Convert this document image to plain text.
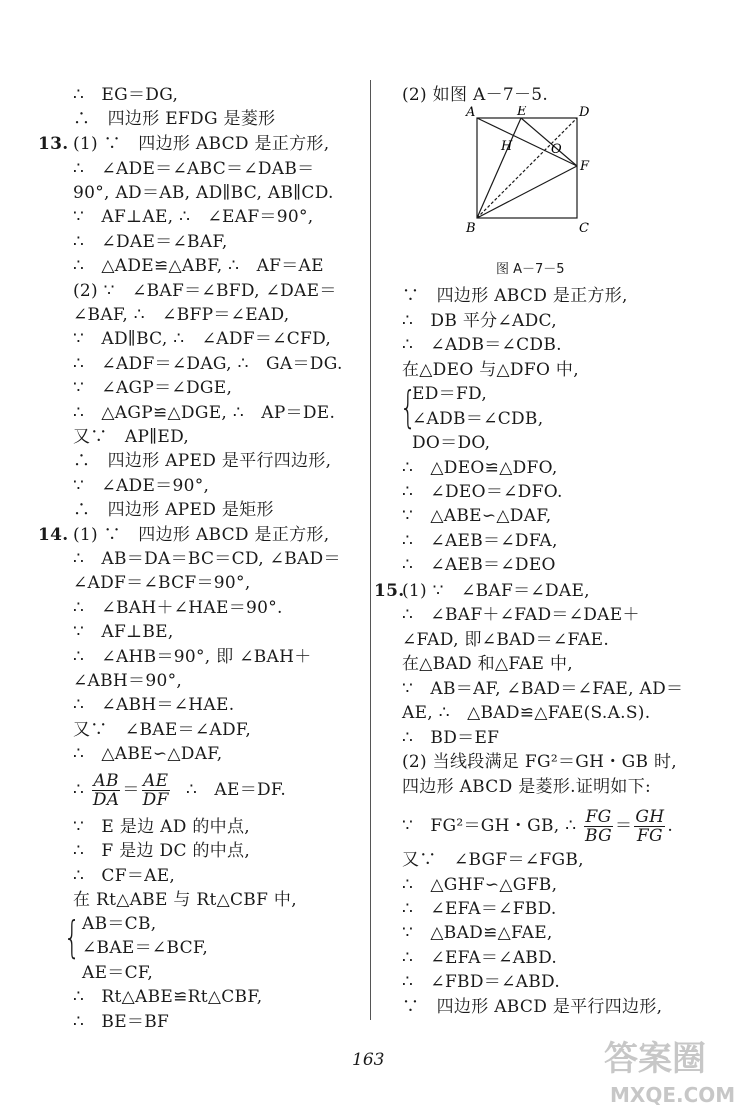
∴　EG＝DG,
∴　四边形 EFDG 是菱形
13. (1) ∵　四边形 ABCD 是正方形,
∴　∠ADE＝∠ABC＝∠DAB＝
90°, AD＝AB, AD∥BC, AB∥CD.
∵　AF⊥AE, ∴　∠EAF＝90°,
∴　∠DAE＝∠BAF,
∴　△ADE≌△ABF, ∴　AF＝AE
(2) ∵　∠BAF＝∠BFD, ∠DAE＝
∠BAF, ∴　∠BFP＝∠EAD,
∵　AD∥BC, ∴　∠ADF＝∠CFD,
∴　∠ADF＝∠DAG, ∴　GA＝DG.
∵　∠AGP＝∠DGE,
∴　△AGP≌△DGE, ∴　AP＝DE.
又∵　AP∥ED,
∴　四边形 APED 是平行四边形,
∵　∠ADE＝90°,
∴　四边形 APED 是矩形
14. (1) ∵　四边形 ABCD 是正方形,
∴　AB＝DA＝BC＝CD, ∠BAD＝
∠ADF＝∠BCF＝90°,
∴　∠BAH＋∠HAE＝90°.
∵　AF⊥BE,
∴　∠AHB＝90°, 即 ∠BAH＋
∠ABH＝90°,
∴　∠ABH＝∠HAE.
又∵　∠BAE＝∠ADF,
∴　△ABE∽△DAF,
∴ $\frac{AB}{DA} = \frac{AE}{DF}$ ∴　AE＝DF.
∵　E 是边 AD 的中点,
∴　F 是边 DC 的中点,
∴　CF＝AE,
在 Rt△ABE 与 Rt△CBF 中,
{ AB＝CB,
∠BAE＝∠BCF,
AE＝CF,
∴　Rt△ABE≌Rt△CBF,
∴　BE＝BF
(2) 如图 A－7－5.
A	E	D
H	O
F
B	C
图 A－7－5
∵　四边形 ABCD 是正方形,
∴　DB 平分∠ADC,
∴　∠ADB＝∠CDB.
在△DEO 与△DFO 中,
{
ED＝FD,
∠ADB＝∠CDB,
DO＝DO,
∴　△DEO≌△DFO,
∴　∠DEO＝∠DFO.
∵　△ABE∽△DAF,
∴　∠AEB＝∠DFA,
∴　∠AEB＝∠DEO
15.
(1) ∵　∠BAF＝∠DAE,
∴　∠BAF＋∠FAD＝∠DAE＋
∠FAD, 即∠BAD＝∠FAE.
在△BAD 和△FAE 中,
∵　AB＝AF, ∠BAD＝∠FAE, AD＝
AE, ∴　△BAD≌△FAE(S.A.S).
∴　BD＝EF
(2) 当线段满足 FG²＝GH・GB 时,
四边形 ABCD 是菱形.证明如下:
∵　FG²＝GH・GB, ∴ $\frac{FG}{BG} = \frac{GH}{FG}$ .
又∵　∠BGF＝∠FGB,
∴　△GHF∽△GFB,
∴　∠EFA＝∠FBD.
∵　△BAD≌△FAE,
∴　∠EFA＝∠ABD.
∴　∠FBD＝∠ABD.
∵　四边形 ABCD 是平行四边形,
163	答案圈
MXQE.COM
